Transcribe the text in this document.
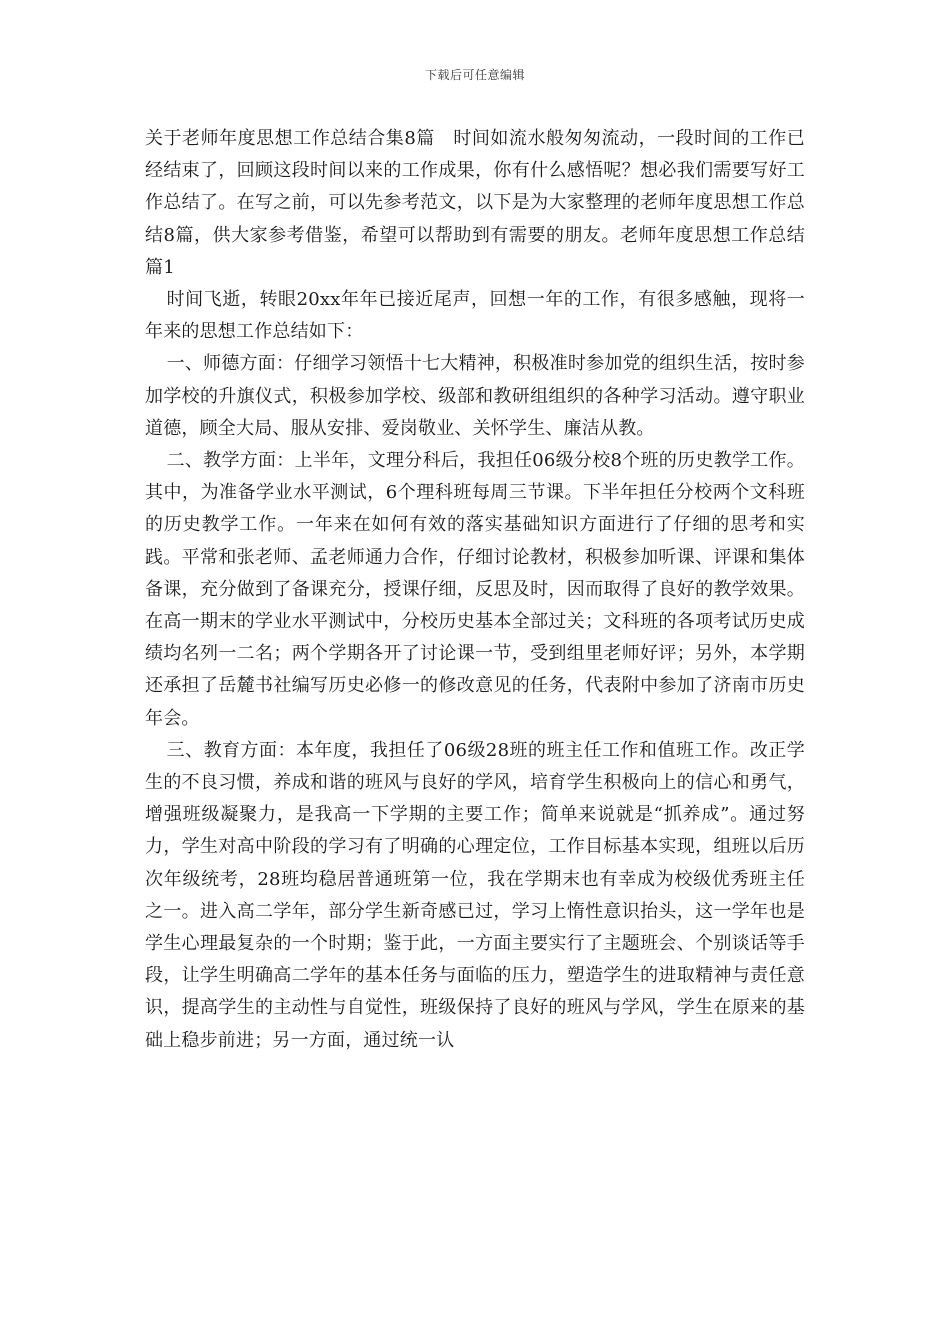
下载后可任意编辑

关于老师年度思想工作总结合集8篇　时间如流水般匆匆流动，一段时间的工作已经结束了，回顾这段时间以来的工作成果，你有什么感悟呢？想必我们需要写好工作总结了。在写之前，可以先参考范文，以下是为大家整理的老师年度思想工作总结8篇，供大家参考借鉴，希望可以帮助到有需要的朋友。老师年度思想工作总结 篇1

时间飞逝，转眼20xx年年已接近尾声，回想一年的工作，有很多感触，现将一年来的思想工作总结如下：

一、师德方面：仔细学习领悟十七大精神，积极准时参加党的组织生活，按时参加学校的升旗仪式，积极参加学校、级部和教研组组织的各种学习活动。遵守职业道德，顾全大局、服从安排、爱岗敬业、关怀学生、廉洁从教。

二、教学方面：上半年，文理分科后，我担任06级分校8个班的历史教学工作。其中，为准备学业水平测试，6个理科班每周三节课。下半年担任分校两个文科班的历史教学工作。一年来在如何有效的落实基础知识方面进行了仔细的思考和实践。平常和张老师、孟老师通力合作，仔细讨论教材，积极参加听课、评课和集体备课，充分做到了备课充分，授课仔细，反思及时，因而取得了良好的教学效果。在高一期末的学业水平测试中，分校历史基本全部过关；文科班的各项考试历史成绩均名列一二名；两个学期各开了讨论课一节，受到组里老师好评；另外，本学期还承担了岳麓书社编写历史必修一的修改意见的任务，代表附中参加了济南市历史年会。

三、教育方面：本年度，我担任了06级28班的班主任工作和值班工作。改正学生的不良习惯，养成和谐的班风与良好的学风，培育学生积极向上的信心和勇气，增强班级凝聚力，是我高一下学期的主要工作；简单来说就是“抓养成”。通过努力，学生对高中阶段的学习有了明确的心理定位，工作目标基本实现，组班以后历次年级统考，28班均稳居普通班第一位，我在学期末也有幸成为校级优秀班主任之一。进入高二学年，部分学生新奇感已过，学习上惰性意识抬头，这一学年也是学生心理最复杂的一个时期；鉴于此，一方面主要实行了主题班会、个别谈话等手段，让学生明确高二学年的基本任务与面临的压力，塑造学生的进取精神与责任意识，提高学生的主动性与自觉性，班级保持了良好的班风与学风，学生在原来的基础上稳步前进；另一方面，通过统一认
